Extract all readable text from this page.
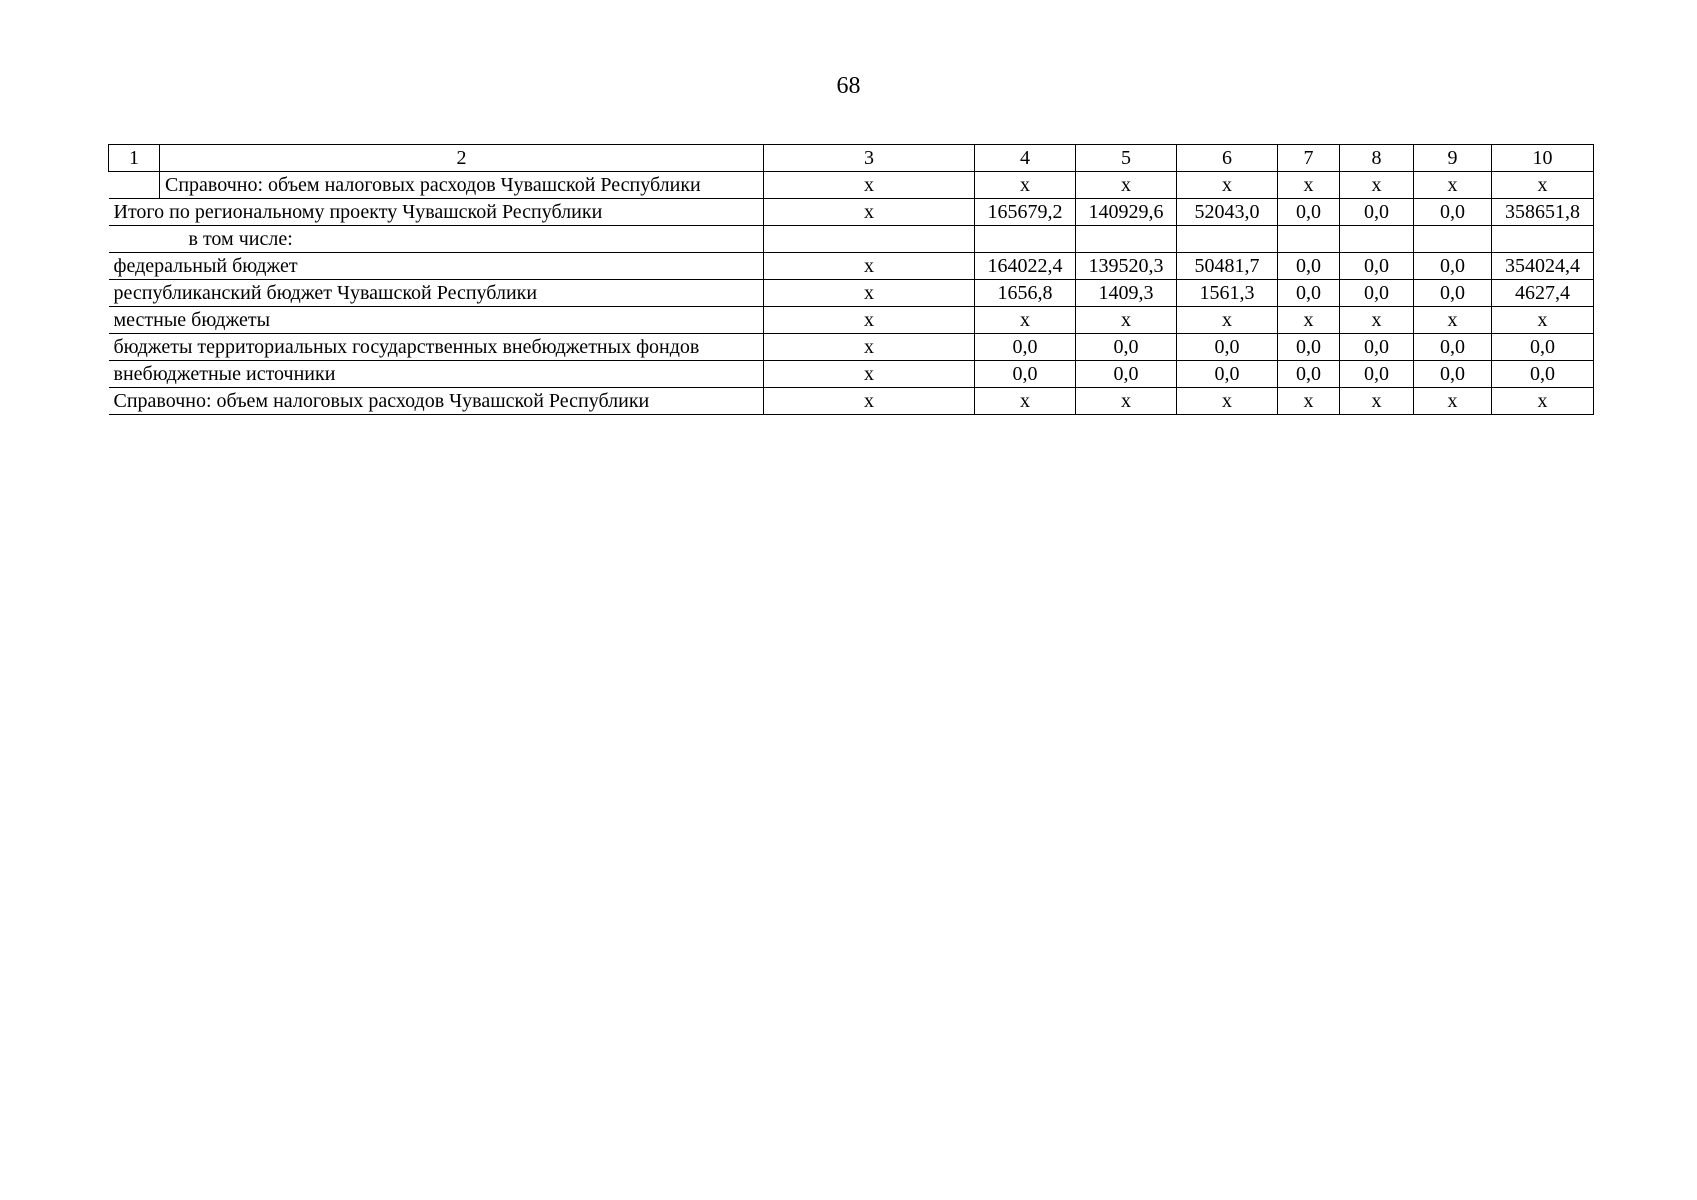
68
1	2	3	4	5	6	7	8	9	10
	Справочно: объем налоговых расходов Чувашской Республики	x	x	x	x	x	x	x	x
Итого по региональному проекту Чувашской Республики		x	165679,2	140929,6	52043,0	0,0	0,0	0,0	358651,8
в том числе:									
федеральный бюджет		x	164022,4	139520,3	50481,7	0,0	0,0	0,0	354024,4
республиканский бюджет Чувашской Республики		x	1656,8	1409,3	1561,3	0,0	0,0	0,0	4627,4
местные бюджеты		x	x	x	x	x	x	x	x
бюджеты территориальных государственных внебюджетных фондов		x	0,0	0,0	0,0	0,0	0,0	0,0	0,0
внебюджетные источники		x	0,0	0,0	0,0	0,0	0,0	0,0	0,0
Справочно: объем налоговых расходов Чувашской Республики		x	x	x	x	x	x	x	x
